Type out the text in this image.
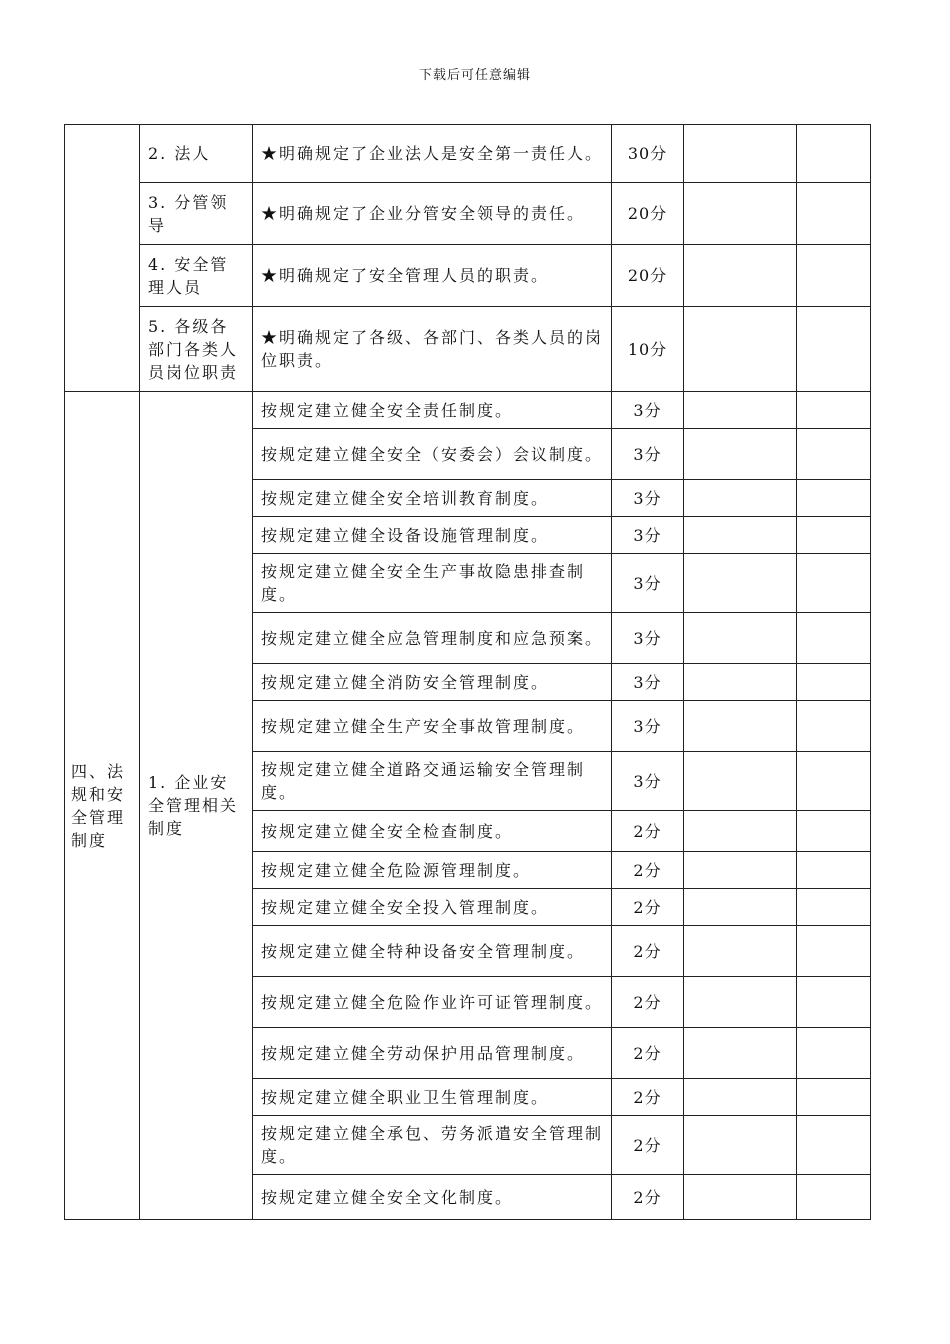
下载后可任意编辑
	2. 法人	★明确规定了企业法人是安全第一责任人。	30分		
	3. 分管领导	★明确规定了企业分管安全领导的责任。	20分		
	4. 安全管理人员	★明确规定了安全管理人员的职责。	20分		
	5. 各级各部门各类人员岗位职责	★明确规定了各级、各部门、各类人员的岗位职责。	10分		
四、法规和安全管理制度	1. 企业安全管理相关制度	按规定建立健全安全责任制度。	3分		
		按规定建立健全安全（安委会）会议制度。	3分		
		按规定建立健全安全培训教育制度。	3分		
		按规定建立健全设备设施管理制度。	3分		
		按规定建立健全安全生产事故隐患排查制度。	3分		
		按规定建立健全应急管理制度和应急预案。	3分		
		按规定建立健全消防安全管理制度。	3分		
		按规定建立健全生产安全事故管理制度。	3分		
		按规定建立健全道路交通运输安全管理制度。	3分		
		按规定建立健全安全检查制度。	2分		
		按规定建立健全危险源管理制度。	2分		
		按规定建立健全安全投入管理制度。	2分		
		按规定建立健全特种设备安全管理制度。	2分		
		按规定建立健全危险作业许可证管理制度。	2分		
		按规定建立健全劳动保护用品管理制度。	2分		
		按规定建立健全职业卫生管理制度。	2分		
		按规定建立健全承包、劳务派遣安全管理制度。	2分		
		按规定建立健全安全文化制度。	2分		
